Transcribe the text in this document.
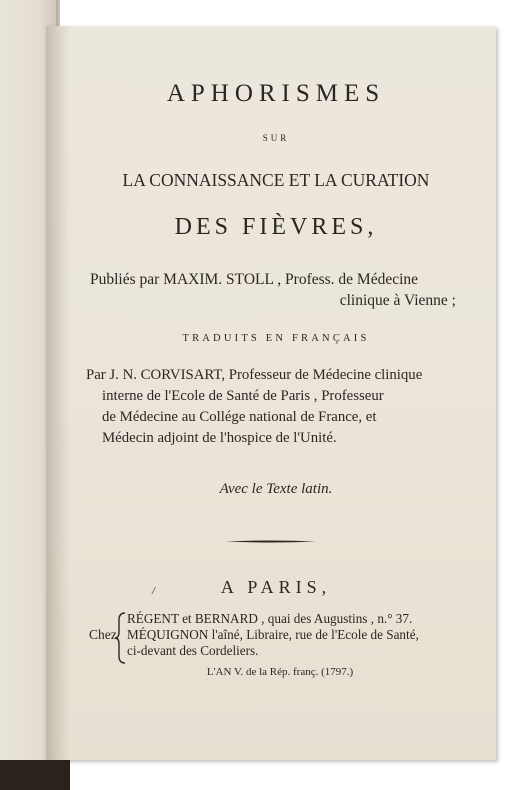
APHORISMES
SUR
LA CONNAISSANCE ET LA CURATION
DES FIÈVRES,
Publiés par MAXIM. STOLL , Profess. de Médecine
clinique à Vienne ;
TRADUITS EN FRANÇAIS
Par J. N. CORVISART, Professeur de Médecine clinique
interne de l'Ecole de Santé de Paris , Professeur
de Médecine au Collége national de France, et
Médecin adjoint de l'hospice de l'Unité.
Avec le Texte latin.
/	A PARIS,
Chez
RÉGENT et BERNARD , quai des Augustins , n.° 37.
MÉQUIGNON l'aîné, Libraire, rue de l'Ecole de Santé,
ci-devant des Cordeliers.
L'AN V. de la Rép. franç. (1797.)
